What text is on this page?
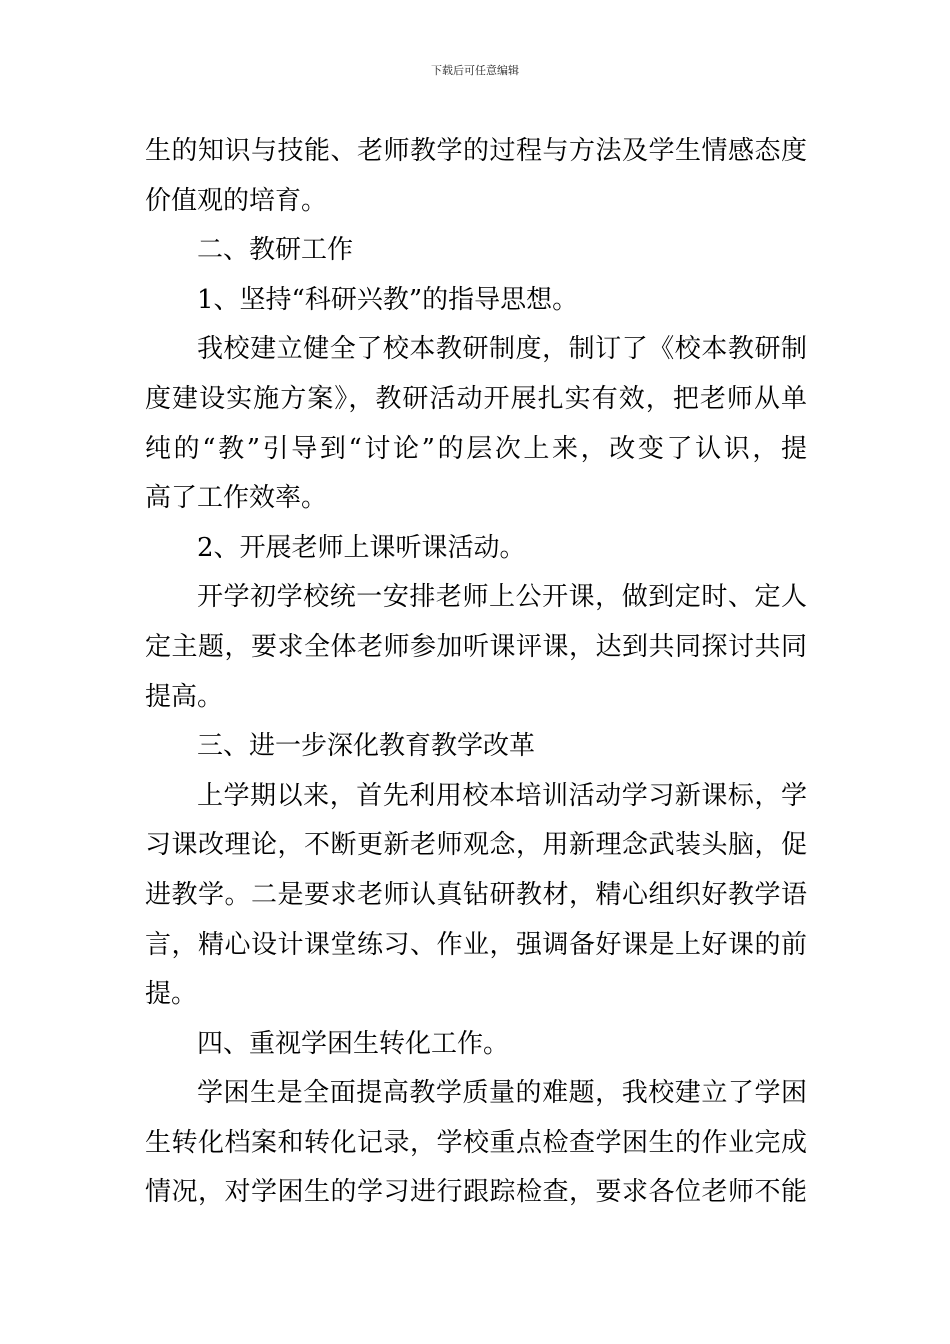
下载后可任意编辑
生的知识与技能、老师教学的过程与方法及学生情感态度
价值观的培育。
二、教研工作
1、坚持“科研兴教”的指导思想。
我校建立健全了校本教研制度，制订了《校本教研制
度建设实施方案》，教研活动开展扎实有效，把老师从单
纯的“教”引导到“讨论”的层次上来，改变了认识，提
高了工作效率。
2、开展老师上课听课活动。
开学初学校统一安排老师上公开课，做到定时、定人
定主题，要求全体老师参加听课评课，达到共同探讨共同
提高。
三、进一步深化教育教学改革
上学期以来，首先利用校本培训活动学习新课标，学
习课改理论，不断更新老师观念，用新理念武装头脑，促
进教学。二是要求老师认真钻研教材，精心组织好教学语
言，精心设计课堂练习、作业，强调备好课是上好课的前
提。
四、重视学困生转化工作。
学困生是全面提高教学质量的难题，我校建立了学困
生转化档案和转化记录，学校重点检查学困生的作业完成
情况，对学困生的学习进行跟踪检查，要求各位老师不能
